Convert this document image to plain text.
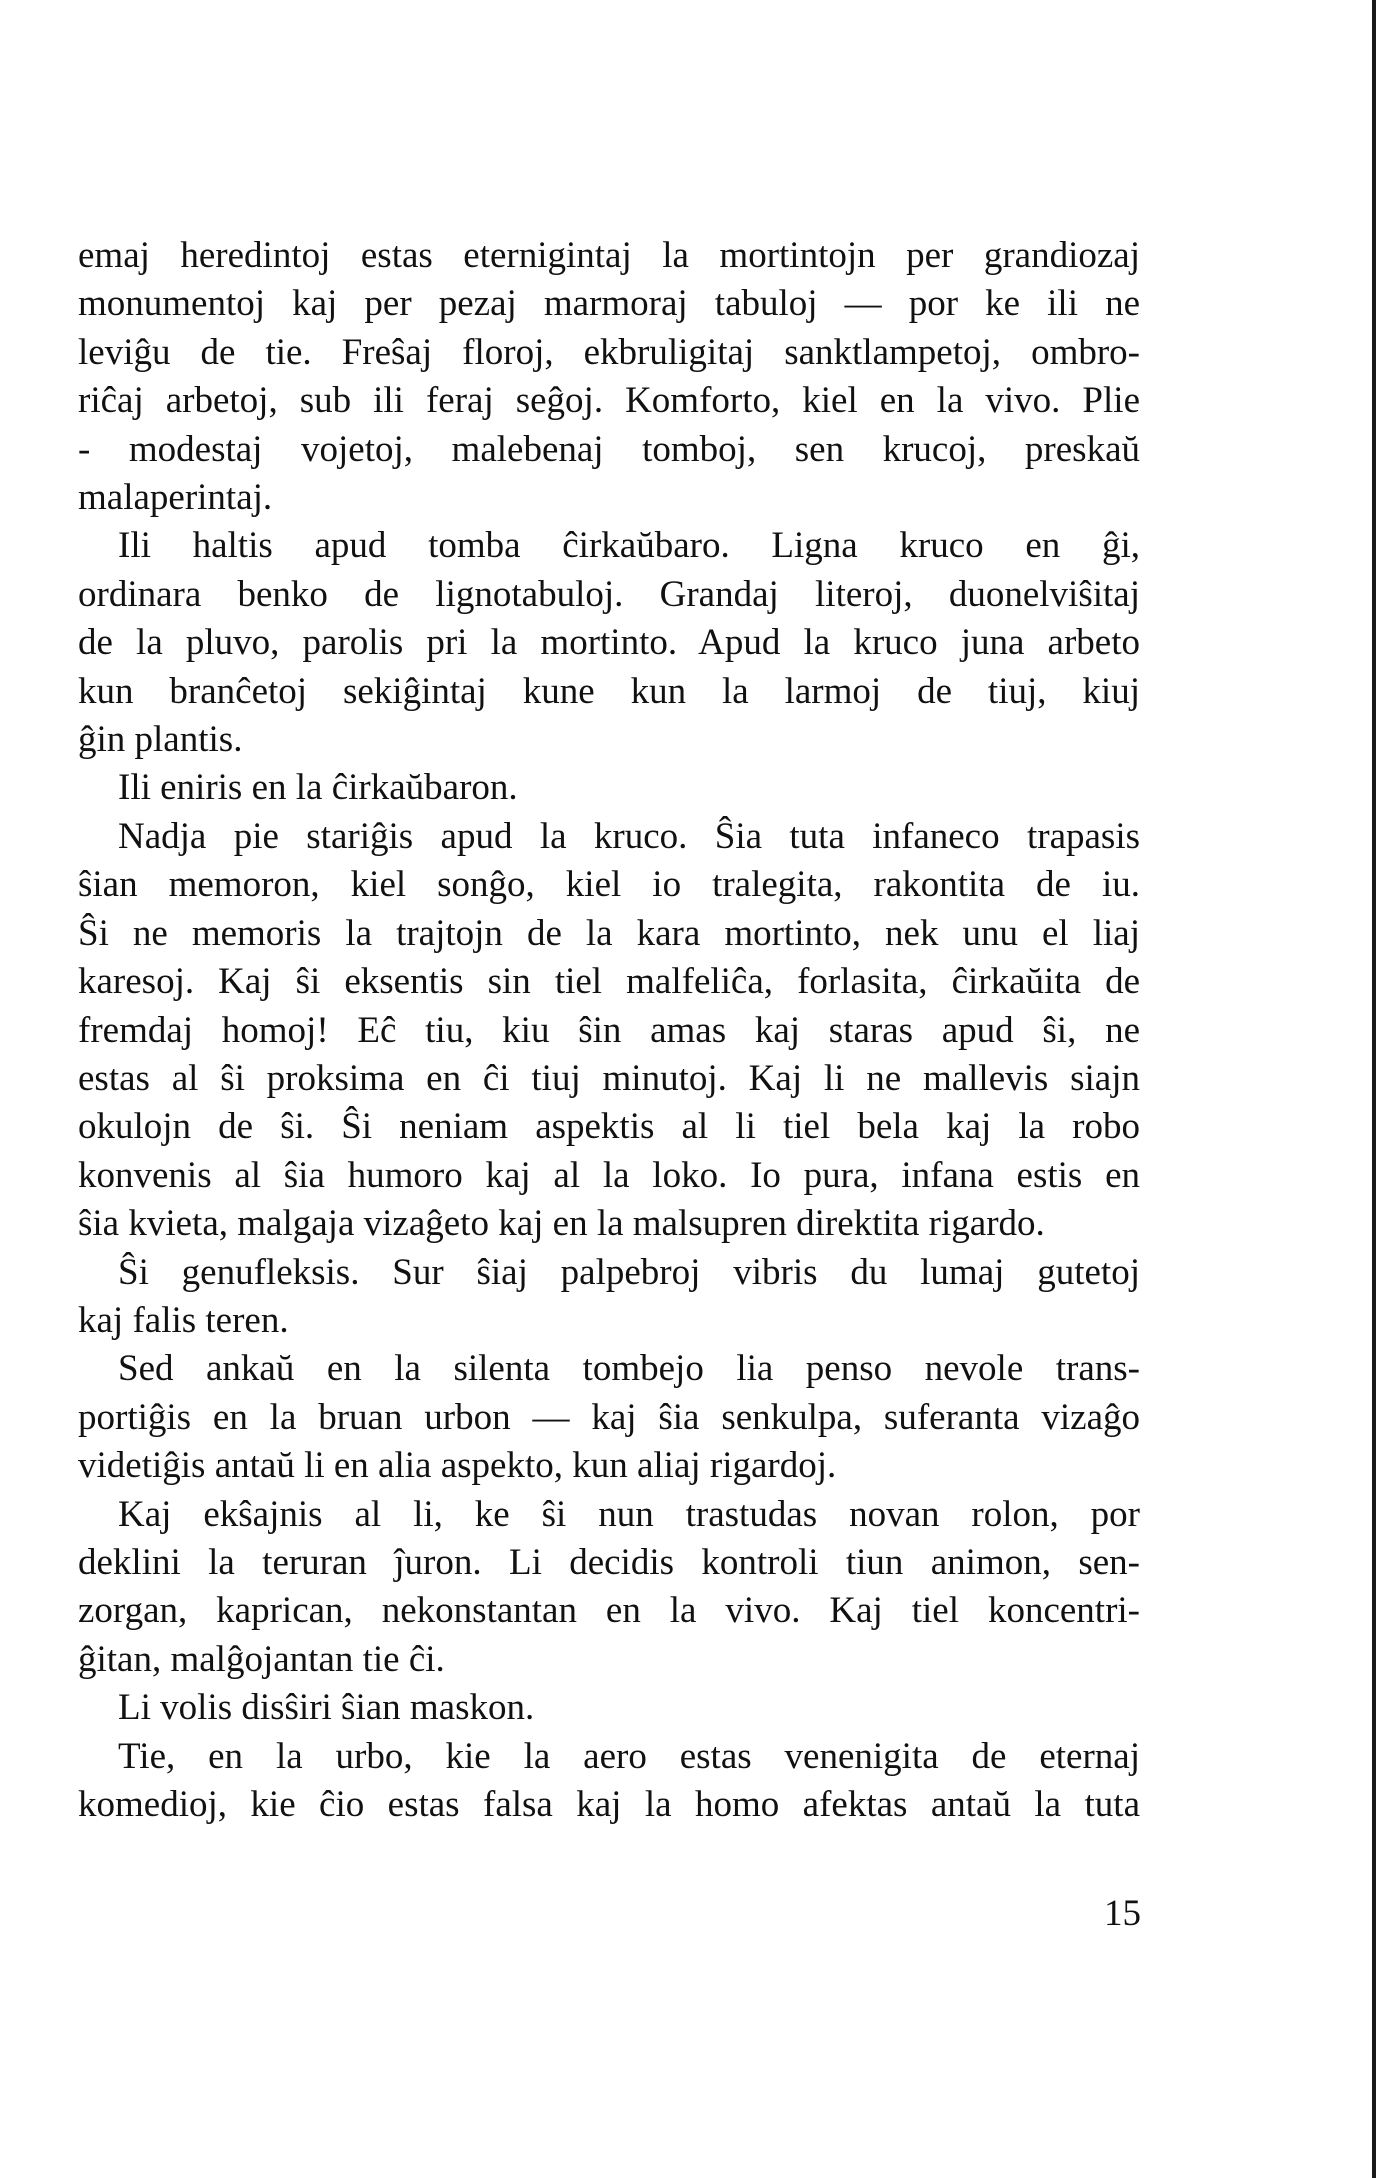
emaj heredintoj estas eternigintaj la mortintojn per grandiozaj
monumentoj kaj per pezaj marmoraj tabuloj — por ke ili ne
leviĝu de tie. Freŝaj floroj, ekbruligitaj sanktlampetoj, ombro-
riĉaj arbetoj, sub ili feraj seĝoj. Komforto, kiel en la vivo. Plie
- modestaj vojetoj, malebenaj tomboj, sen krucoj, preskaŭ
malaperintaj.
Ili haltis apud tomba ĉirkaŭbaro. Ligna kruco en ĝi,
ordinara benko de lignotabuloj. Grandaj literoj, duonelviŝitaj
de la pluvo, parolis pri la mortinto. Apud la kruco juna arbeto
kun branĉetoj sekiĝintaj kune kun la larmoj de tiuj, kiuj
ĝin plantis.
Ili eniris en la ĉirkaŭbaron.
Nadja pie stariĝis apud la kruco. Ŝia tuta infaneco trapasis
ŝian memoron, kiel sonĝo, kiel io tralegita, rakontita de iu.
Ŝi ne memoris la trajtojn de la kara mortinto, nek unu el liaj
karesoj. Kaj ŝi eksentis sin tiel malfeliĉa, forlasita, ĉirkaŭita de
fremdaj homoj! Eĉ tiu, kiu ŝin amas kaj staras apud ŝi, ne
estas al ŝi proksima en ĉi tiuj minutoj. Kaj li ne mallevis siajn
okulojn de ŝi. Ŝi neniam aspektis al li tiel bela kaj la robo
konvenis al ŝia humoro kaj al la loko. Io pura, infana estis en
ŝia kvieta, malgaja vizaĝeto kaj en la malsupren direktita rigardo.
Ŝi genufleksis. Sur ŝiaj palpebroj vibris du lumaj gutetoj
kaj falis teren.
Sed ankaŭ en la silenta tombejo lia penso nevole trans-
portiĝis en la bruan urbon — kaj ŝia senkulpa, suferanta vizaĝo
videtiĝis antaŭ li en alia aspekto, kun aliaj rigardoj.
Kaj ekŝajnis al li, ke ŝi nun trastudas novan rolon, por
deklini la teruran ĵuron. Li decidis kontroli tiun animon, sen-
zorgan, kaprican, nekonstantan en la vivo. Kaj tiel koncentri-
ĝitan, malĝojantan tie ĉi.
Li volis disŝiri ŝian maskon.
Tie, en la urbo, kie la aero estas venenigita de eternaj
komedioj, kie ĉio estas falsa kaj la homo afektas antaŭ la tuta
15
